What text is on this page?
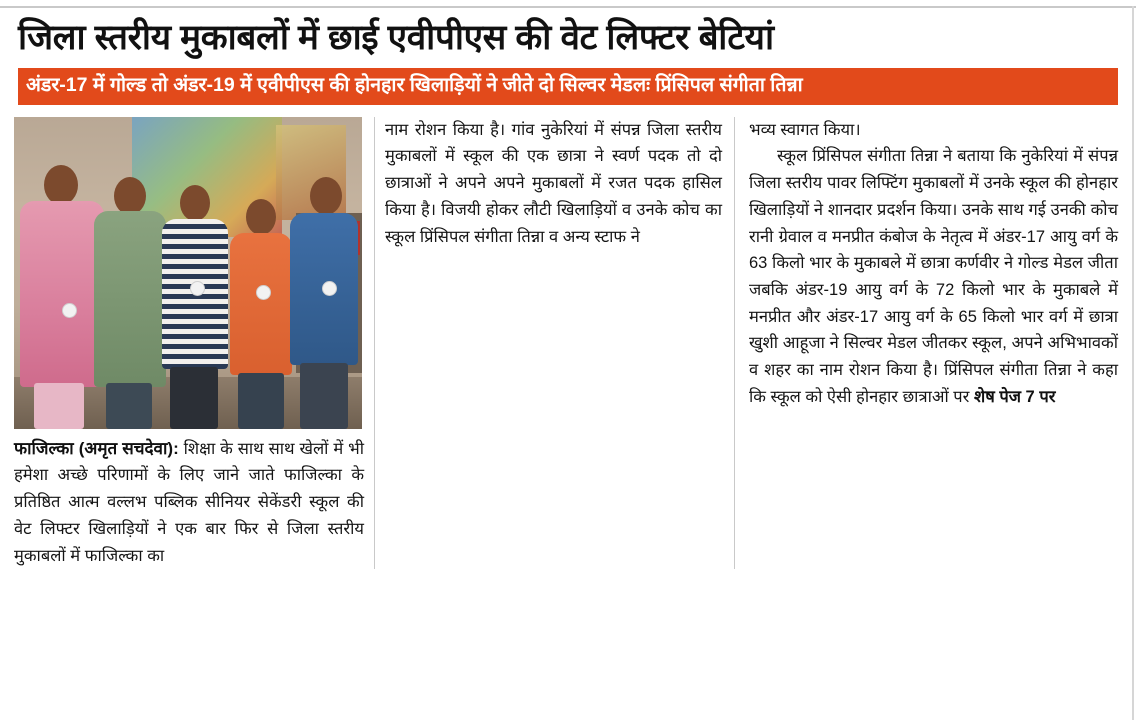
जिला स्तरीय मुकाबलों में छाई एवीपीएस की वेट लिफ्टर बेटियां
अंडर-17 में गोल्ड तो अंडर-19 में एवीपीएस की होनहार खिलाड़ियों ने जीते दो सिल्वर मेडलः प्रिंसिपल संगीता तिन्ना

फाजिल्का (अमृत सचदेवा): शिक्षा के साथ साथ खेलों में भी हमेशा अच्छे परिणामों के लिए जाने जाते फाजिल्का के प्रतिष्ठित आत्म वल्लभ पब्लिक सीनियर सेकेंडरी स्कूल की वेट लिफ्टर खिलाड़ियों ने एक बार फिर से जिला स्तरीय मुकाबलों में फाजिल्का का

नाम रोशन किया है। गांव नुकेरियां में संपन्न जिला स्तरीय मुकाबलों में स्कूल की एक छात्रा ने स्वर्ण पदक तो दो छात्राओं ने अपने अपने मुकाबलों में रजत पदक हासिल किया है। विजयी होकर लौटी खिलाड़ियों व उनके कोच का स्कूल प्रिंसिपल संगीता तिन्ना व अन्य स्टाफ ने

भव्य स्वागत किया।

स्कूल प्रिंसिपल संगीता तिन्ना ने बताया कि नुकेरियां में संपन्न जिला स्तरीय पावर लिफ्टिंग मुकाबलों में उनके स्कूल की होनहार खिलाड़ियों ने शानदार प्रदर्शन किया। उनके साथ गई उनकी कोच रानी ग्रेवाल व मनप्रीत कंबोज के नेतृत्व में अंडर-17 आयु वर्ग के 63 किलो भार के मुकाबले में छात्रा कर्णवीर ने गोल्ड मेडल जीता जबकि अंडर-19 आयु वर्ग के 72 किलो भार के मुकाबले में मनप्रीत और अंडर-17 आयु वर्ग के 65 किलो भार वर्ग में छात्रा खुशी आहूजा ने सिल्वर मेडल जीतकर स्कूल, अपने अभिभावकों व शहर का नाम रोशन किया है। प्रिंसिपल संगीता तिन्ना ने कहा कि स्कूल को ऐसी होनहार छात्राओं पर शेष पेज 7 पर
